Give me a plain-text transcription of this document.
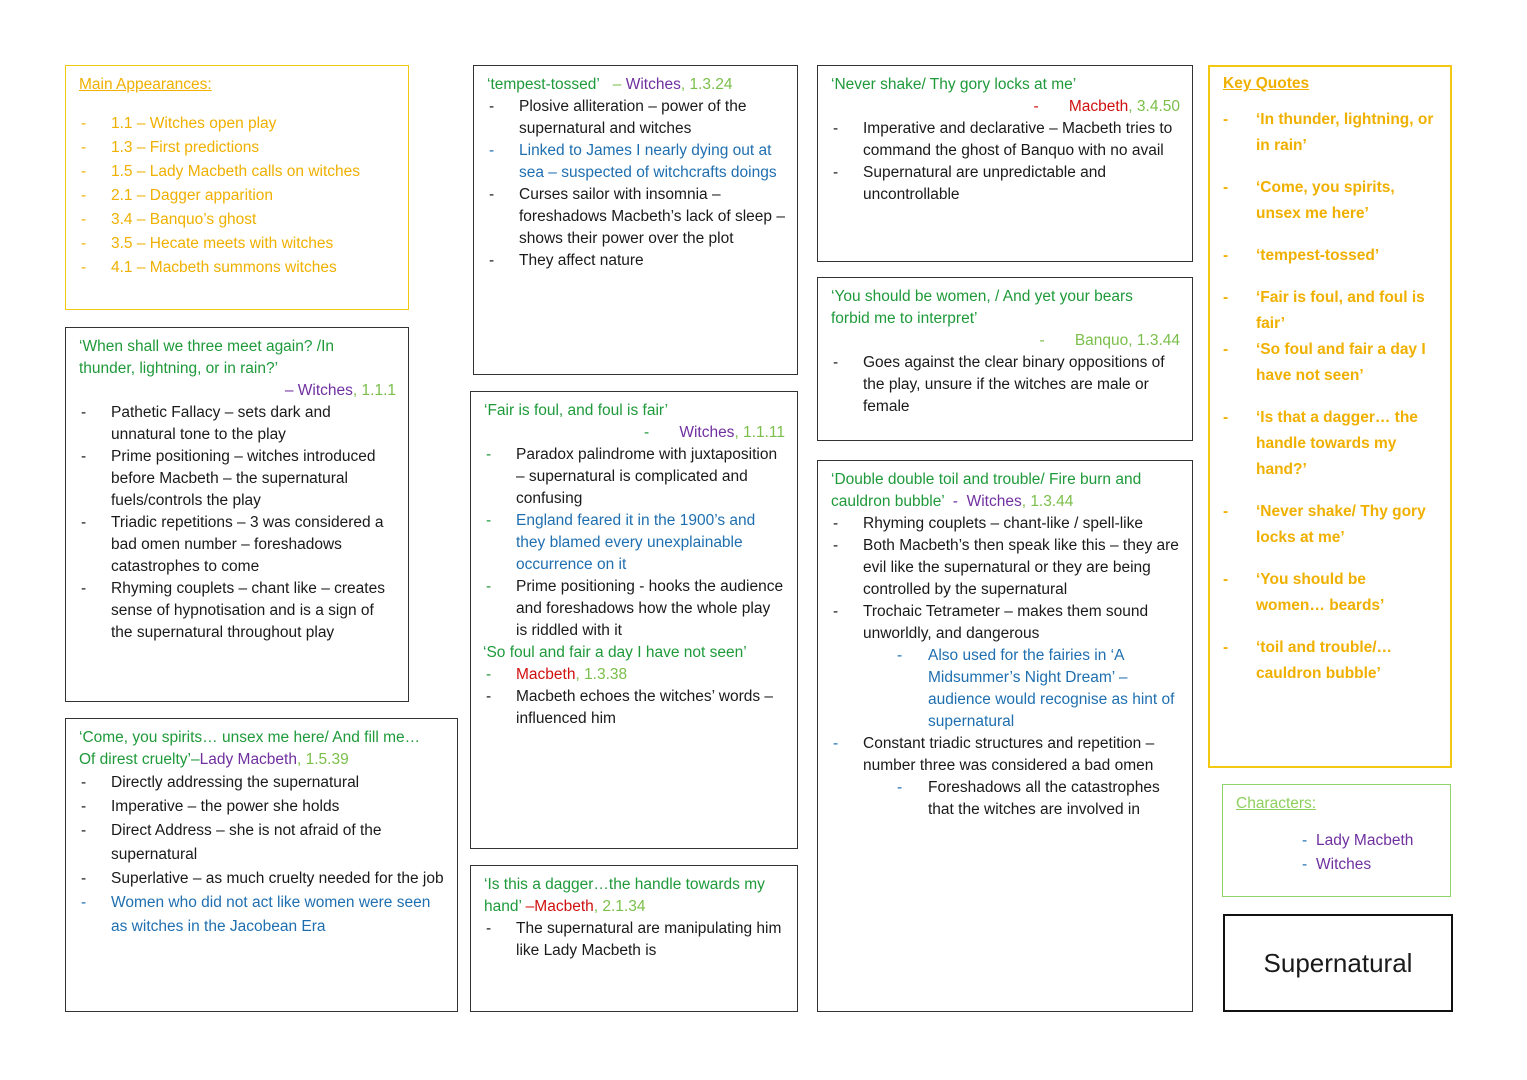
Main Appearances:
- 1.1 – Witches open play
- 1.3 – First predictions
- 1.5 – Lady Macbeth calls on witches
- 2.1 – Dagger apparition
- 3.4 – Banquo’s ghost
- 3.5 – Hecate meets with witches
- 4.1 – Macbeth summons witches
‘When shall we three meet again? /In
thunder, lightning, or in rain?’
– Witches, 1.1.1
- Pathetic Fallacy – sets dark and unnatural tone to the play
- Prime positioning – witches introduced before Macbeth – the supernatural fuels/controls the play
- Triadic repetitions – 3 was considered a bad omen number – foreshadows catastrophes to come
- Rhyming couplets – chant like – creates sense of hypnotisation and is a sign of the supernatural throughout play
‘Come, you spirits… unsex me here/ And fill me…
Of direst cruelty’–Lady Macbeth, 1.5.39
- Directly addressing the supernatural
- Imperative – the power she holds
- Direct Address – she is not afraid of the supernatural
- Superlative – as much cruelty needed for the job
- Women who did not act like women were seen as witches in the Jacobean Era
‘tempest-tossed’ – Witches, 1.3.24
- Plosive alliteration – power of the supernatural and witches
- Linked to James I nearly dying out at sea – suspected of witchcrafts doings
- Curses sailor with insomnia – foreshadows Macbeth’s lack of sleep – shows their power over the plot
- They affect nature
‘Fair is foul, and foul is fair’
-       Witches, 1.1.11
- Paradox palindrome with juxtaposition – supernatural is complicated and confusing
- England feared it in the 1900’s and they blamed every unexplainable occurrence on it
- Prime positioning - hooks the audience and foreshadows how the whole play is riddled with it
‘So foul and fair a day I have not seen’
- Macbeth, 1.3.38
- Macbeth echoes the witches’ words – influenced him
‘Is this a dagger…the handle towards my
hand’ –Macbeth, 2.1.34
- The supernatural are manipulating him like Lady Macbeth is
‘Never shake/ Thy gory locks at me’
-       Macbeth, 3.4.50
- Imperative and declarative – Macbeth tries to command the ghost of Banquo with no avail
- Supernatural are unpredictable and uncontrollable
‘You should be women, / And yet your bears
forbid me to interpret’
-       Banquo, 1.3.44
- Goes against the clear binary oppositions of the play, unsure if the witches are male or female
‘Double double toil and trouble/ Fire burn and
cauldron bubble’  -  Witches, 1.3.44
- Rhyming couplets – chant-like / spell-like
- Both Macbeth’s then speak like this – they are evil like the supernatural or they are being controlled by the supernatural
- Trochaic Tetrameter – makes them sound unworldly, and dangerous
- Also used for the fairies in ‘A Midsummer’s Night Dream’ – audience would recognise as hint of supernatural
- Constant triadic structures and repetition – number three was considered a bad omen
- Foreshadows all the catastrophes that the witches are involved in
Key Quotes
- ‘In thunder, lightning, or in rain’
- ‘Come, you spirits, unsex me here’
- ‘tempest-tossed’
- ‘Fair is foul, and foul is fair’
- ‘So foul and fair a day I have not seen’
- ‘Is that a dagger… the handle towards my hand?’
- ‘Never shake/ Thy gory locks at me’
- ‘You should be women… beards’
- ‘toil and trouble/… cauldron bubble’
Characters:
- Lady Macbeth
- Witches
Supernatural
